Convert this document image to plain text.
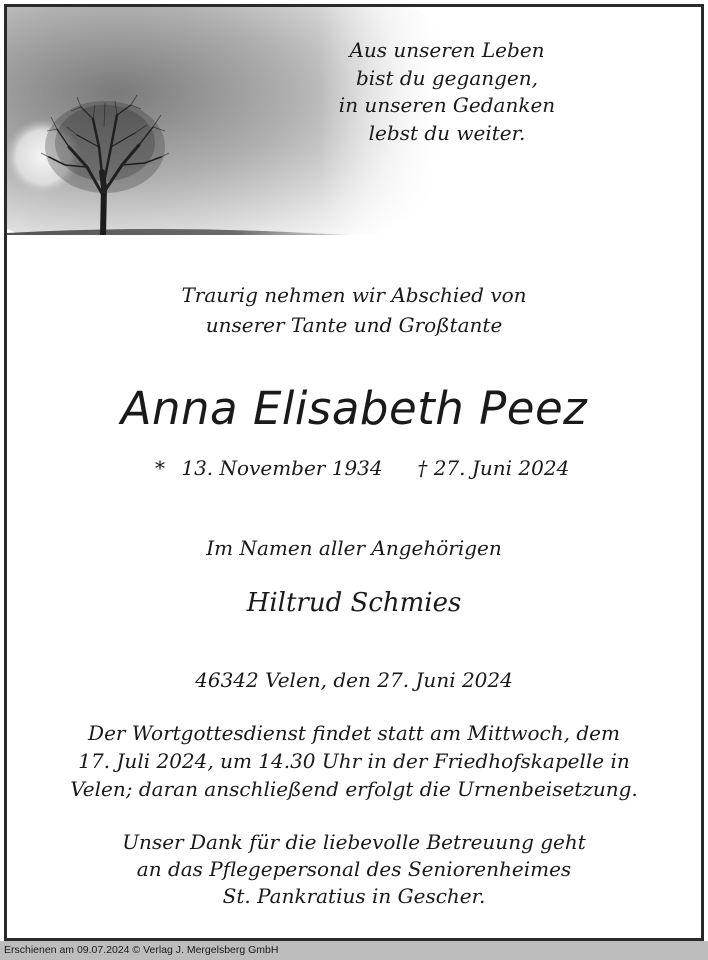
Aus unseren Leben
bist du gegangen,
in unseren Gedanken
lebst du weiter.
Traurig nehmen wir Abschied von
unserer Tante und Großtante
Anna Elisabeth Peez
* 13. November 1934 † 27. Juni 2024
Im Namen aller Angehörigen
Hiltrud Schmies
46342 Velen, den 27. Juni 2024
Der Wortgottesdienst findet statt am Mittwoch, dem
17. Juli 2024, um 14.30 Uhr in der Friedhofskapelle in
Velen; daran anschließend erfolgt die Urnenbeisetzung.
Unser Dank für die liebevolle Betreuung geht
an das Pflegepersonal des Seniorenheimes
St. Pankratius in Gescher.
Erschienen am 09.07.2024 © Verlag J. Mergelsberg GmbH
